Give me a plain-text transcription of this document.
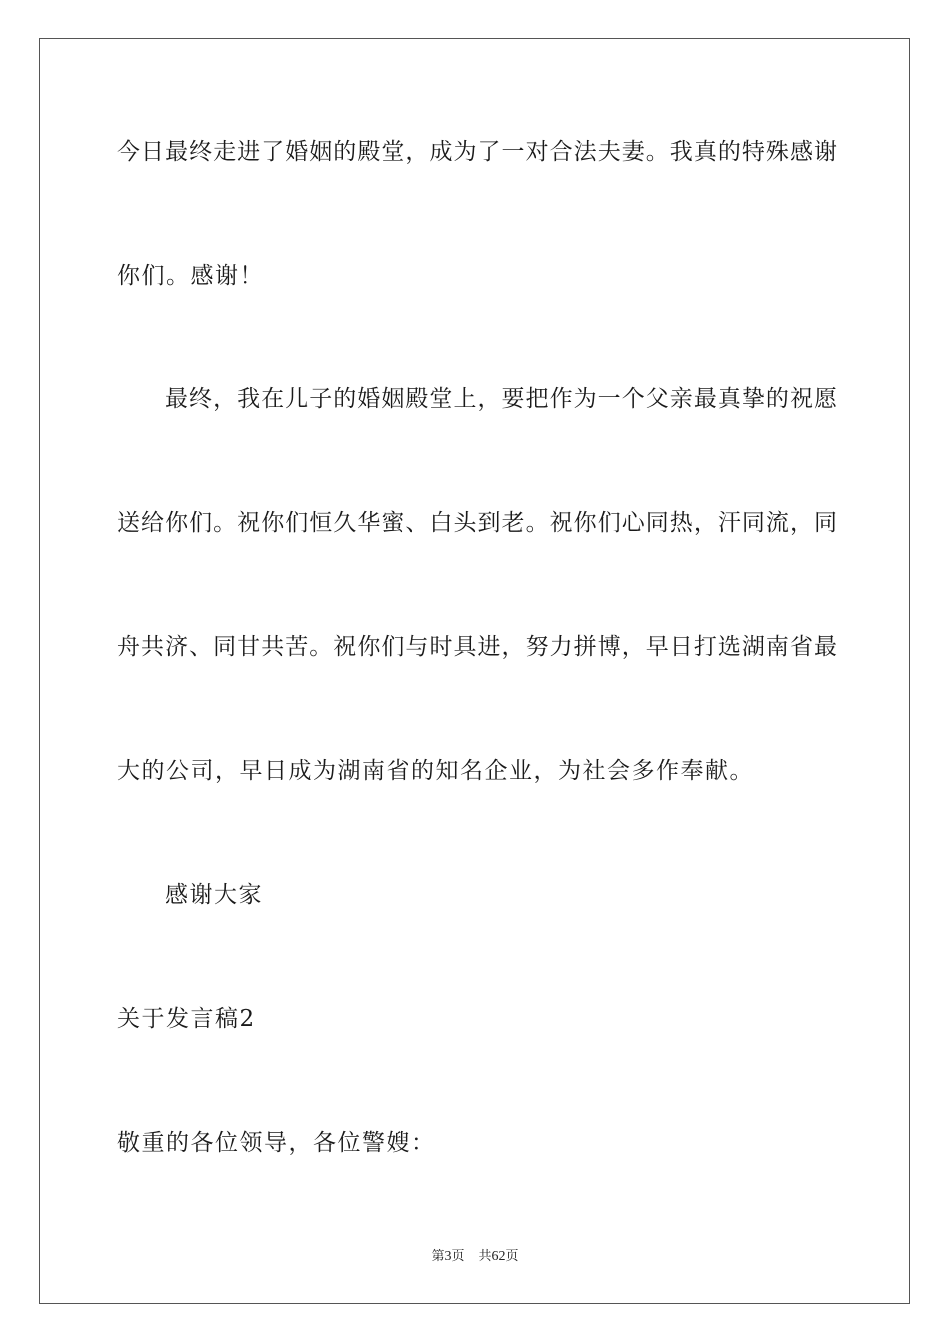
今日最终走进了婚姻的殿堂，成为了一对合法夫妻。我真的特殊感谢
你们。感谢！
最终，我在儿子的婚姻殿堂上，要把作为一个父亲最真挚的祝愿
送给你们。祝你们恒久华蜜、白头到老。祝你们心同热，汗同流，同
舟共济、同甘共苦。祝你们与时具进，努力拼博，早日打选湖南省最
大的公司，早日成为湖南省的知名企业，为社会多作奉献。
感谢大家
关于发言稿2
敬重的各位领导，各位警嫂：
第3页 共62页
